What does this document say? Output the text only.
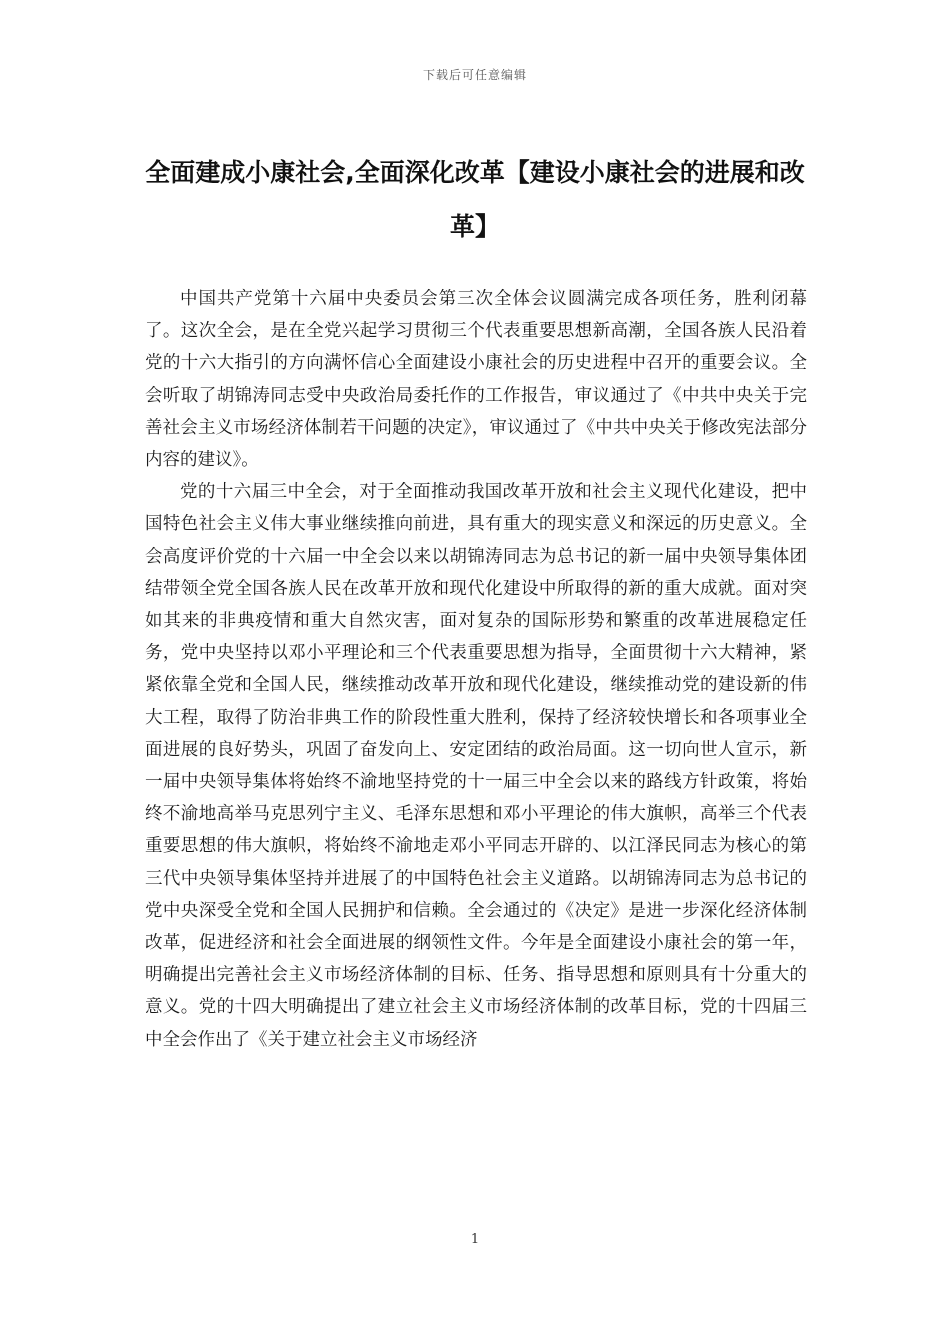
下载后可任意编辑
全面建成小康社会,全面深化改革【建设小康社会的进展和改革】

中国共产党第十六届中央委员会第三次全体会议圆满完成各项任务，胜利闭幕了。这次全会，是在全党兴起学习贯彻三个代表重要思想新高潮，全国各族人民沿着党的十六大指引的方向满怀信心全面建设小康社会的历史进程中召开的重要会议。全会听取了胡锦涛同志受中央政治局委托作的工作报告，审议通过了《中共中央关于完善社会主义市场经济体制若干问题的决定》，审议通过了《中共中央关于修改宪法部分内容的建议》。

党的十六届三中全会，对于全面推动我国改革开放和社会主义现代化建设，把中国特色社会主义伟大事业继续推向前进，具有重大的现实意义和深远的历史意义。全会高度评价党的十六届一中全会以来以胡锦涛同志为总书记的新一届中央领导集体团结带领全党全国各族人民在改革开放和现代化建设中所取得的新的重大成就。面对突如其来的非典疫情和重大自然灾害，面对复杂的国际形势和繁重的改革进展稳定任务，党中央坚持以邓小平理论和三个代表重要思想为指导，全面贯彻十六大精神，紧紧依靠全党和全国人民，继续推动改革开放和现代化建设，继续推动党的建设新的伟大工程，取得了防治非典工作的阶段性重大胜利，保持了经济较快增长和各项事业全面进展的良好势头，巩固了奋发向上、安定团结的政治局面。这一切向世人宣示，新一届中央领导集体将始终不渝地坚持党的十一届三中全会以来的路线方针政策，将始终不渝地高举马克思列宁主义、毛泽东思想和邓小平理论的伟大旗帜，高举三个代表重要思想的伟大旗帜，将始终不渝地走邓小平同志开辟的、以江泽民同志为核心的第三代中央领导集体坚持并进展了的中国特色社会主义道路。以胡锦涛同志为总书记的党中央深受全党和全国人民拥护和信赖。全会通过的《决定》是进一步深化经济体制改革，促进经济和社会全面进展的纲领性文件。今年是全面建设小康社会的第一年，明确提出完善社会主义市场经济体制的目标、任务、指导思想和原则具有十分重大的意义。党的十四大明确提出了建立社会主义市场经济体制的改革目标，党的十四届三中全会作出了《关于建立社会主义市场经济

1
